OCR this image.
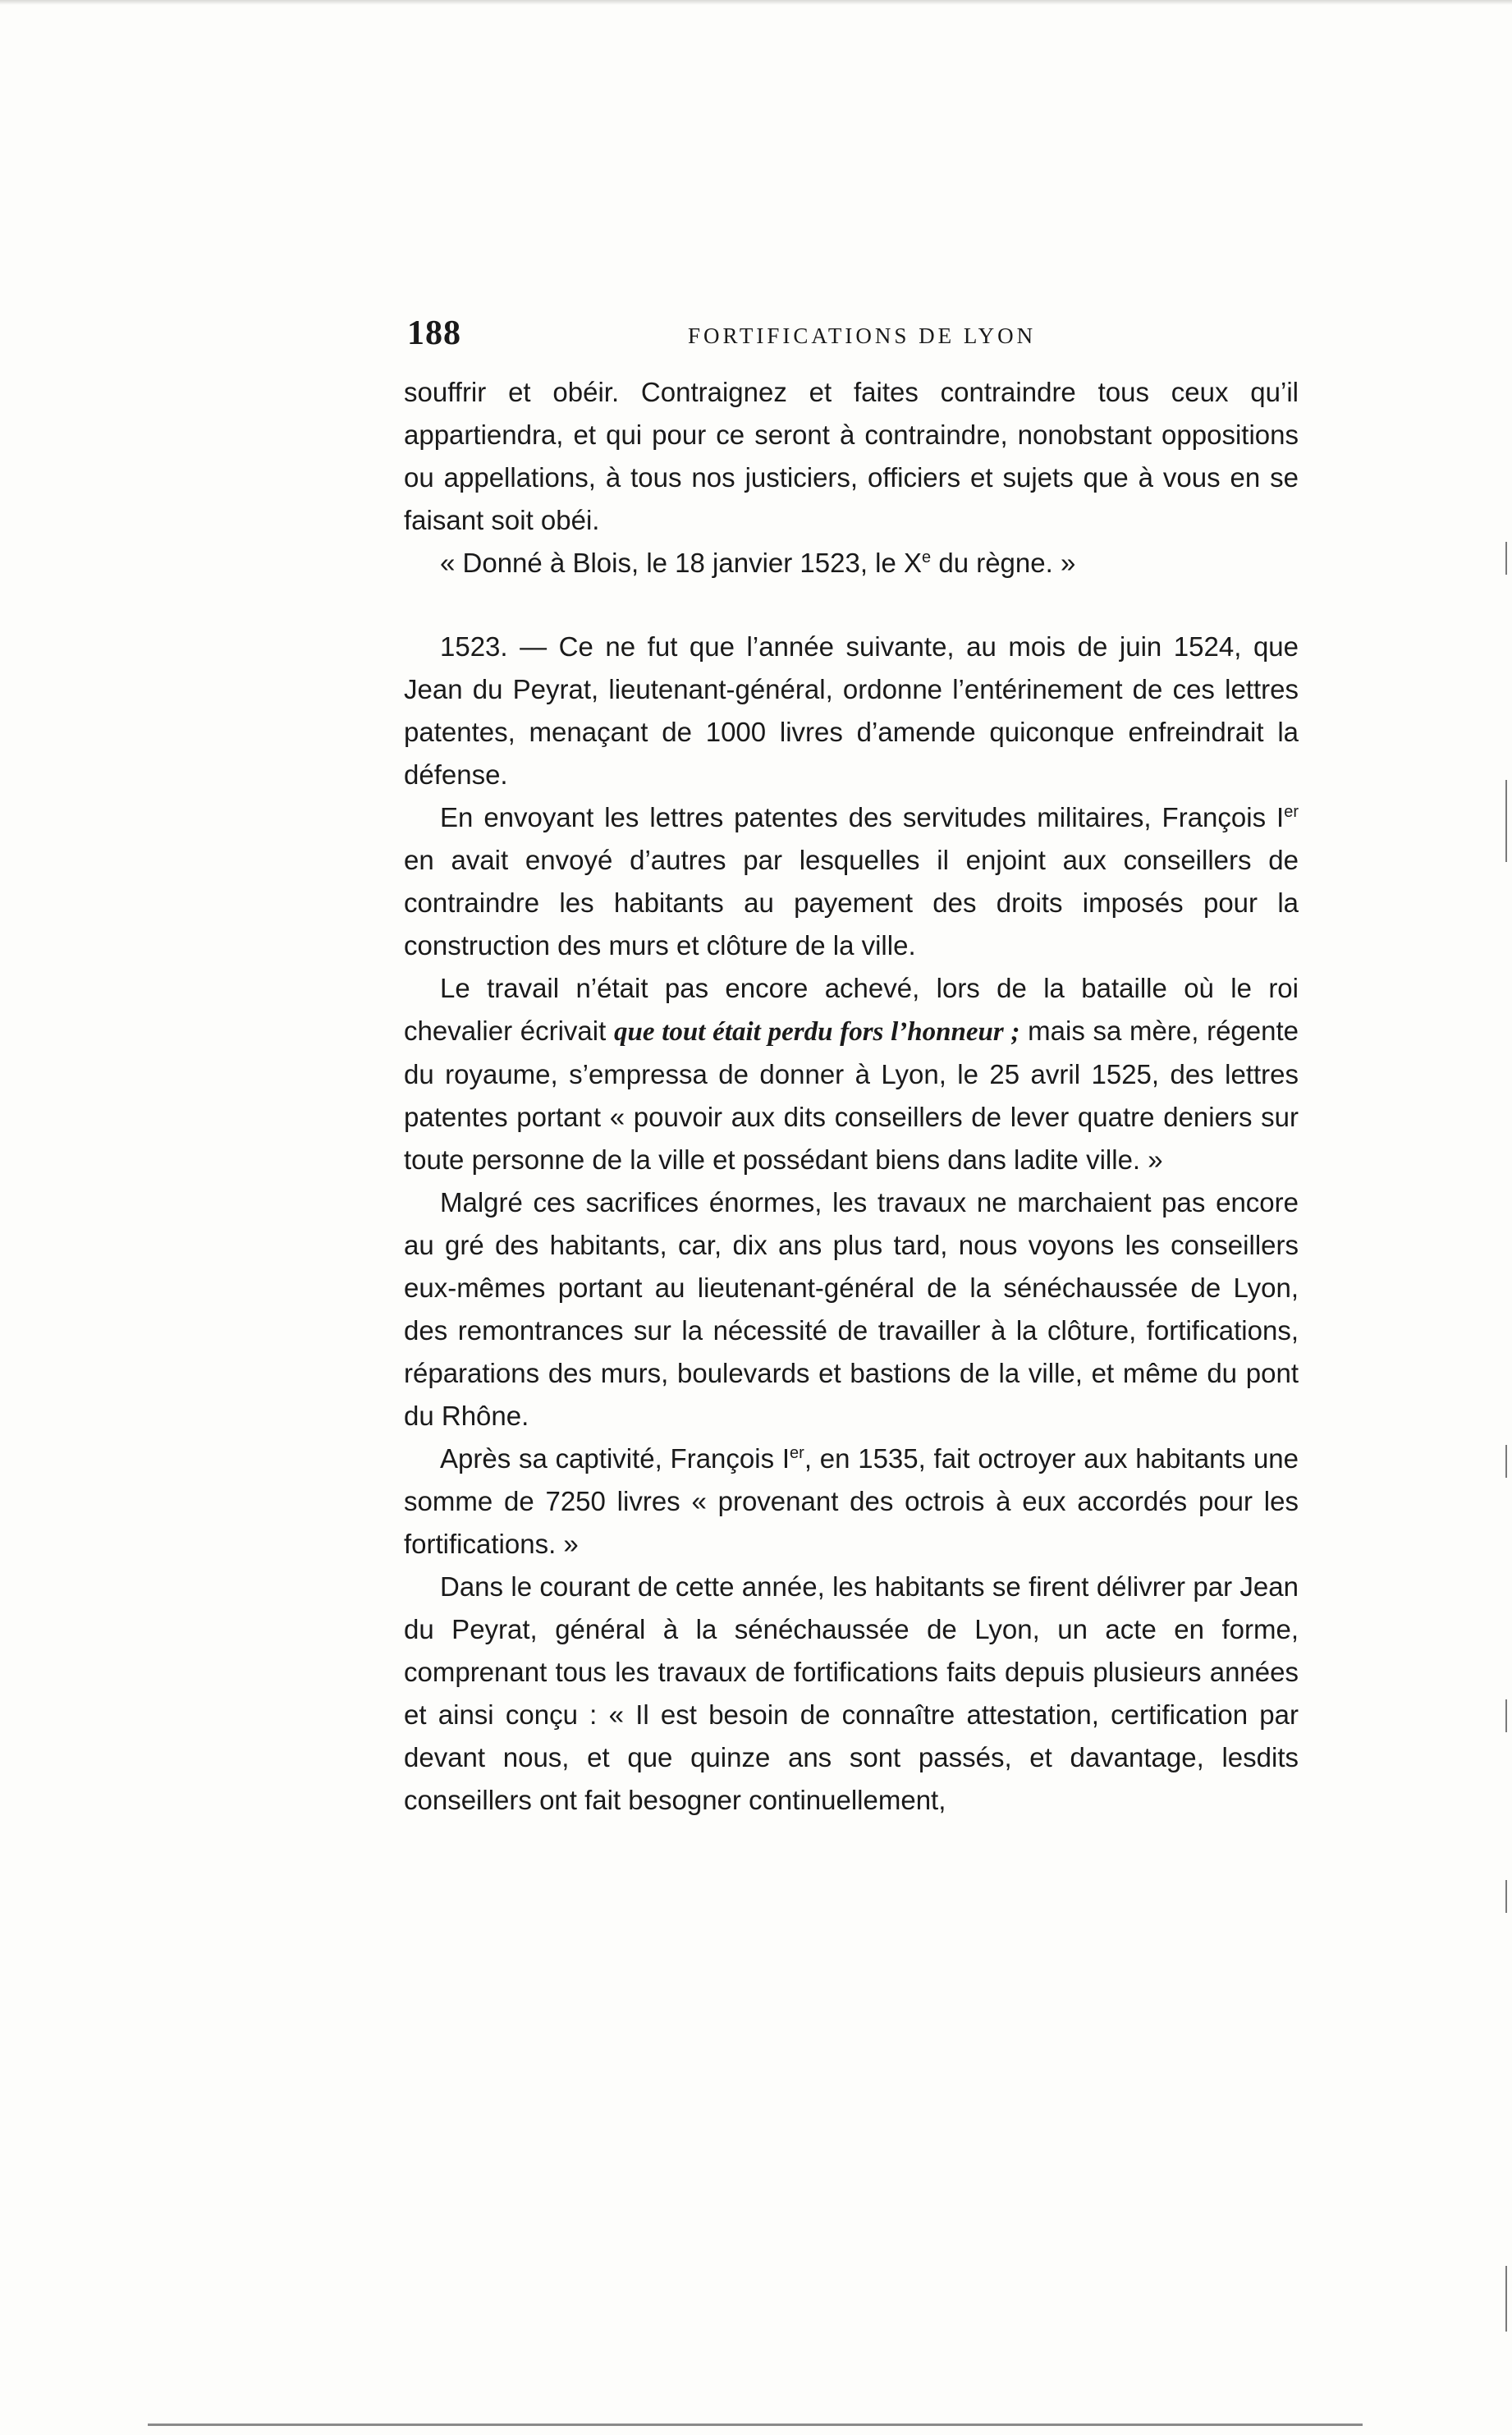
188	FORTIFICATIONS DE LYON

souffrir et obéir. Contraignez et faites contraindre tous ceux qu’il appartiendra, et qui pour ce seront à contraindre, nonobstant oppositions ou appellations, à tous nos justiciers, officiers et sujets que à vous en se faisant soit obéi.

« Donné à Blois, le 18 janvier 1523, le Xe du règne. »

1523. — Ce ne fut que l’année suivante, au mois de juin 1524, que Jean du Peyrat, lieutenant-général, ordonne l’entérinement de ces lettres patentes, menaçant de 1000 livres d’amende quiconque enfreindrait la défense.

En envoyant les lettres patentes des servitudes militaires, François Ier en avait envoyé d’autres par lesquelles il enjoint aux conseillers de contraindre les habitants au payement des droits imposés pour la construction des murs et clôture de la ville.

Le travail n’était pas encore achevé, lors de la bataille où le roi chevalier écrivait que tout était perdu fors l’honneur ; mais sa mère, régente du royaume, s’empressa de donner à Lyon, le 25 avril 1525, des lettres patentes portant « pouvoir aux dits conseillers de lever quatre deniers sur toute personne de la ville et possédant biens dans ladite ville. »

Malgré ces sacrifices énormes, les travaux ne marchaient pas encore au gré des habitants, car, dix ans plus tard, nous voyons les conseillers eux-mêmes portant au lieutenant-général de la sénéchaussée de Lyon, des remontrances sur la nécessité de travailler à la clôture, fortifications, réparations des murs, boulevards et bastions de la ville, et même du pont du Rhône.

Après sa captivité, François Ier, en 1535, fait octroyer aux habitants une somme de 7250 livres « provenant des octrois à eux accordés pour les fortifications. »

Dans le courant de cette année, les habitants se firent délivrer par Jean du Peyrat, général à la sénéchaussée de Lyon, un acte en forme, comprenant tous les travaux de fortifications faits depuis plusieurs années et ainsi conçu : « Il est besoin de connaître attestation, certification par devant nous, et que quinze ans sont passés, et davantage, lesdits conseillers ont fait besogner continuellement,
